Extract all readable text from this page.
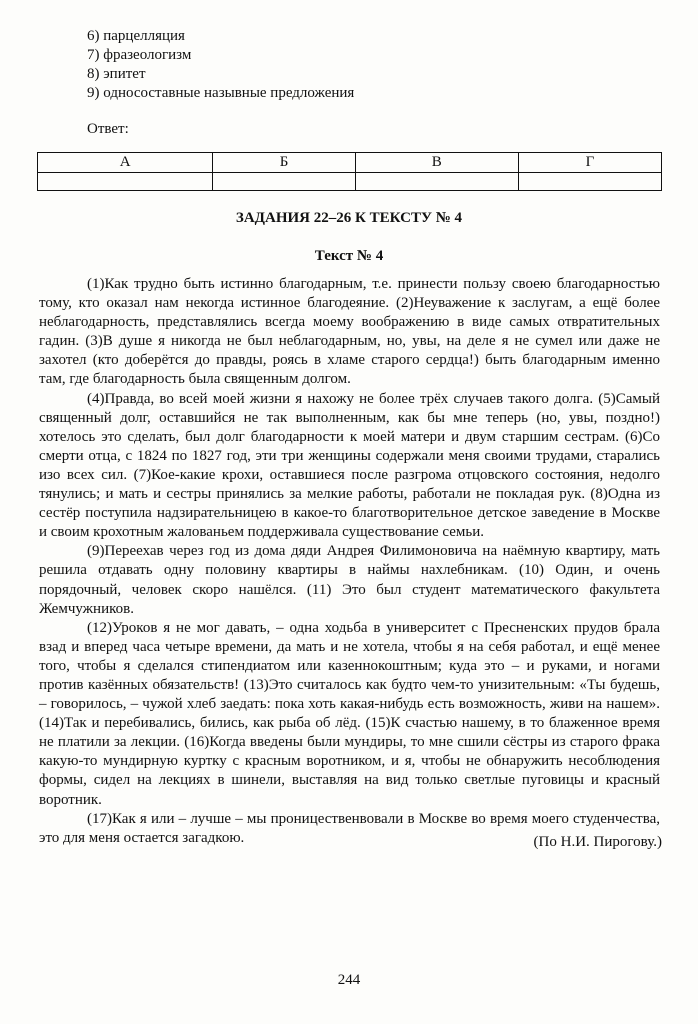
6) парцелляция
7) фразеологизм
8) эпитет
9) односоставные назывные предложения
Ответ:
А	Б	В	Г

ЗАДАНИЯ 22–26 К ТЕКСТУ № 4
Текст № 4

(1)Как трудно быть истинно благодарным, т.е. принести пользу своею благодарностью тому, кто оказал нам некогда истинное благодеяние. (2)Неуважение к заслугам, а ещё более неблагодарность, представлялись всегда моему воображению в виде самых отвратительных гадин. (3)В душе я никогда не был неблагодарным, но, увы, на деле я не сумел или даже не захотел (кто доберётся до правды, роясь в хламе старого сердца!) быть благодарным именно там, где благодарность была священным долгом.

(4)Правда, во всей моей жизни я нахожу не более трёх случаев такого долга. (5)Самый священный долг, оставшийся не так выполненным, как бы мне теперь (но, увы, поздно!) хотелось это сделать, был долг благодарности к моей матери и двум старшим сестрам. (6)Со смерти отца, с 1824 по 1827 год, эти три женщины содержали меня своими трудами, старались изо всех сил. (7)Кое-какие крохи, оставшиеся после разгрома отцовского состояния, недолго тянулись; и мать и сестры принялись за мелкие работы, работали не покладая рук. (8)Одна из сестёр поступила надзирательницею в какое-то благотворительное детское заведение в Москве и своим крохотным жалованьем поддерживала существование семьи.

(9)Переехав через год из дома дяди Андрея Филимоновича на наёмную квартиру, мать решила отдавать одну половину квартиры в наймы нахлебникам. (10) Один, и очень порядочный, человек скоро нашёлся. (11) Это был студент математического факультета Жемчужников.

(12)Уроков я не мог давать, – одна ходьба в университет с Пресненских прудов брала взад и вперед часа четыре времени, да мать и не хотела, чтобы я на себя работал, и ещё менее того, чтобы я сделался стипендиатом или казеннокоштным; куда это – и руками, и ногами против казённых обязательств! (13)Это считалось как будто чем-то унизительным: «Ты будешь, – говорилось, – чужой хлеб заедать: пока хоть какая-нибудь есть возможность, живи на нашем». (14)Так и перебивались, бились, как рыба об лёд. (15)К счастью нашему, в то блаженное время не платили за лекции. (16)Когда введены были мундиры, то мне сшили сёстры из старого фрака какую-то мундирную куртку с красным воротником, и я, чтобы не обнаружить несоблюдения формы, сидел на лекциях в шинели, выставляя на вид только светлые пуговицы и красный воротник.

(17)Как я или – лучше – мы проницественвовали в Москве во время моего студенчества, это для меня остается загадкою.	(По Н.И. Пирогову.)
244
